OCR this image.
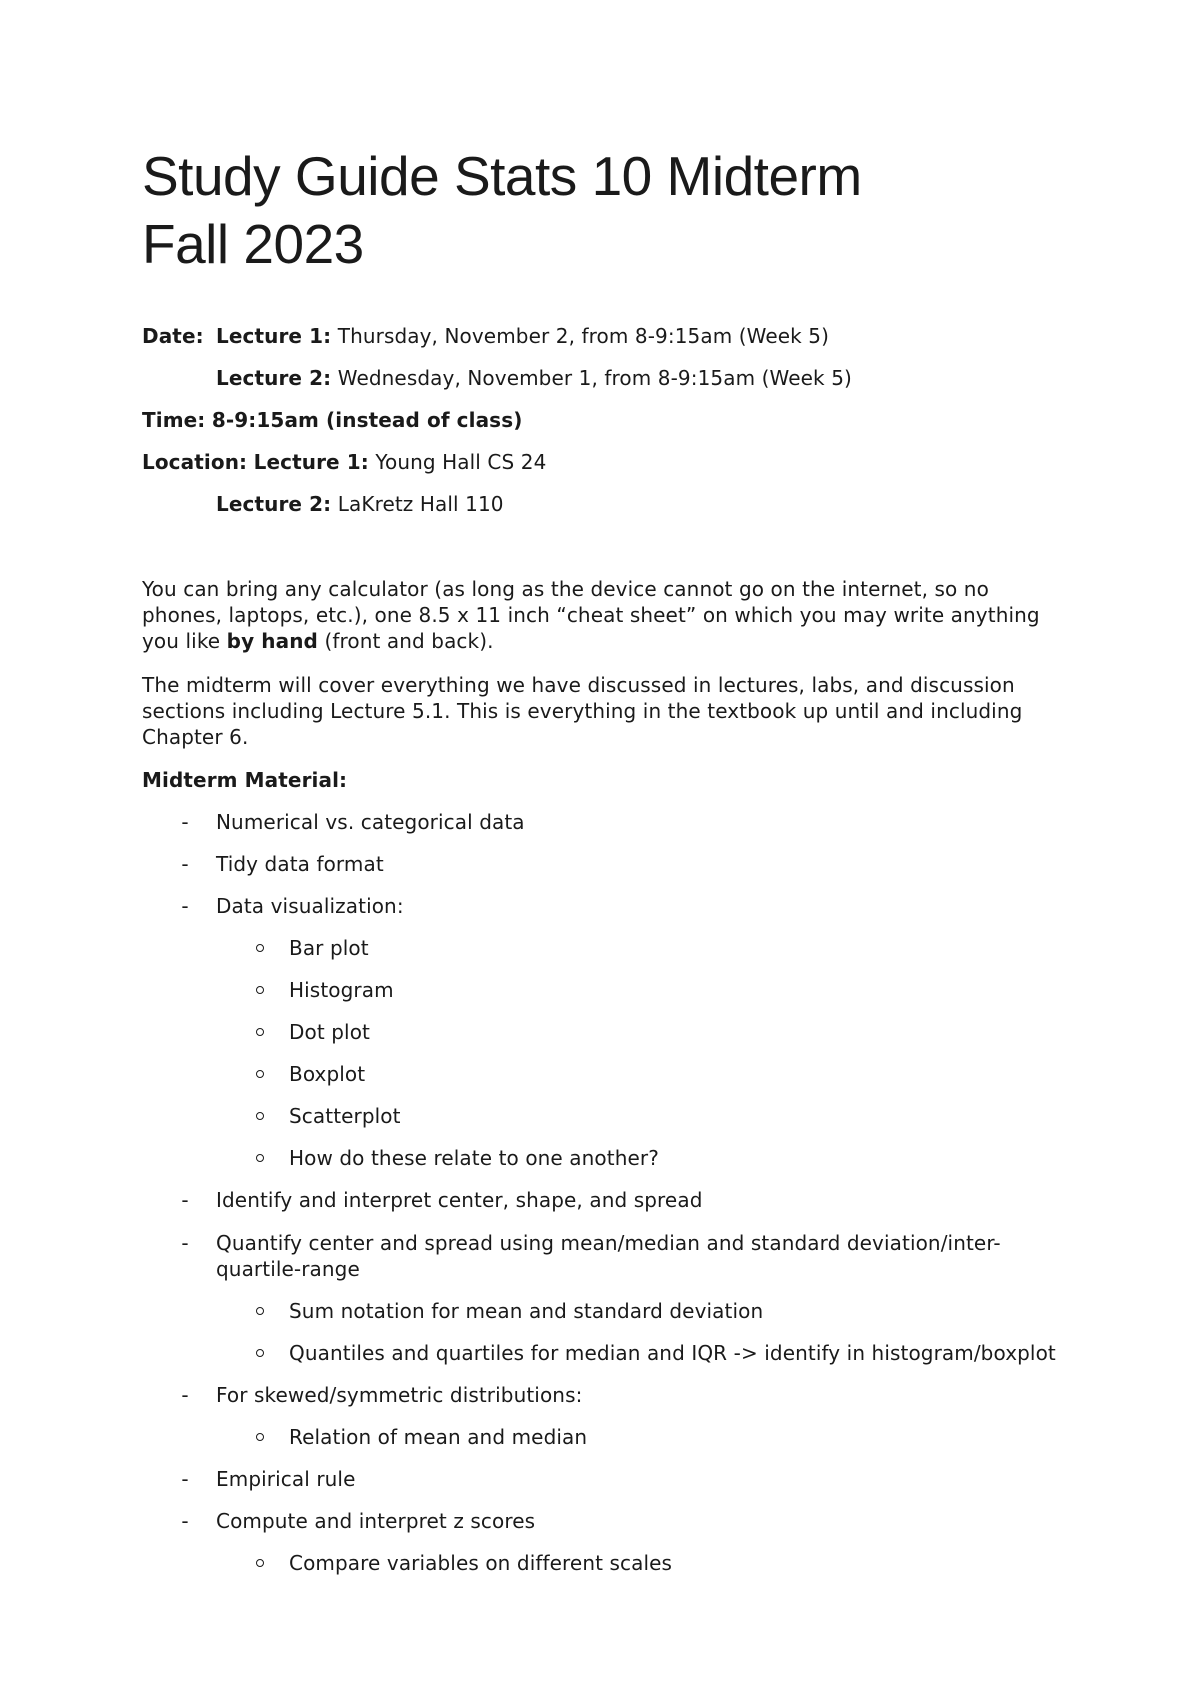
Study Guide Stats 10 Midterm
Fall 2023
Date: Lecture 1: Thursday, November 2, from 8-9:15am (Week 5)
Lecture 2: Wednesday, November 1, from 8-9:15am (Week 5)
Time: 8-9:15am (instead of class)
Location: Lecture 1: Young Hall CS 24
Lecture 2: LaKretz Hall 110

You can bring any calculator (as long as the device cannot go on the internet, so no phones, laptops, etc.), one 8.5 x 11 inch “cheat sheet” on which you may write anything you like by hand (front and back).

The midterm will cover everything we have discussed in lectures, labs, and discussion sections including Lecture 5.1. This is everything in the textbook up until and including Chapter 6.

Midterm Material:
-	Numerical vs. categorical data
-	Tidy data format
-	Data visualization:
Bar plot
Histogram
Dot plot
Boxplot
Scatterplot
How do these relate to one another?
-	Identify and interpret center, shape, and spread
-	Quantify center and spread using mean/median and standard deviation/inter-quartile-range
Sum notation for mean and standard deviation
Quantiles and quartiles for median and IQR -> identify in histogram/boxplot
-	For skewed/symmetric distributions:
Relation of mean and median
-	Empirical rule
-	Compute and interpret z scores
Compare variables on different scales
